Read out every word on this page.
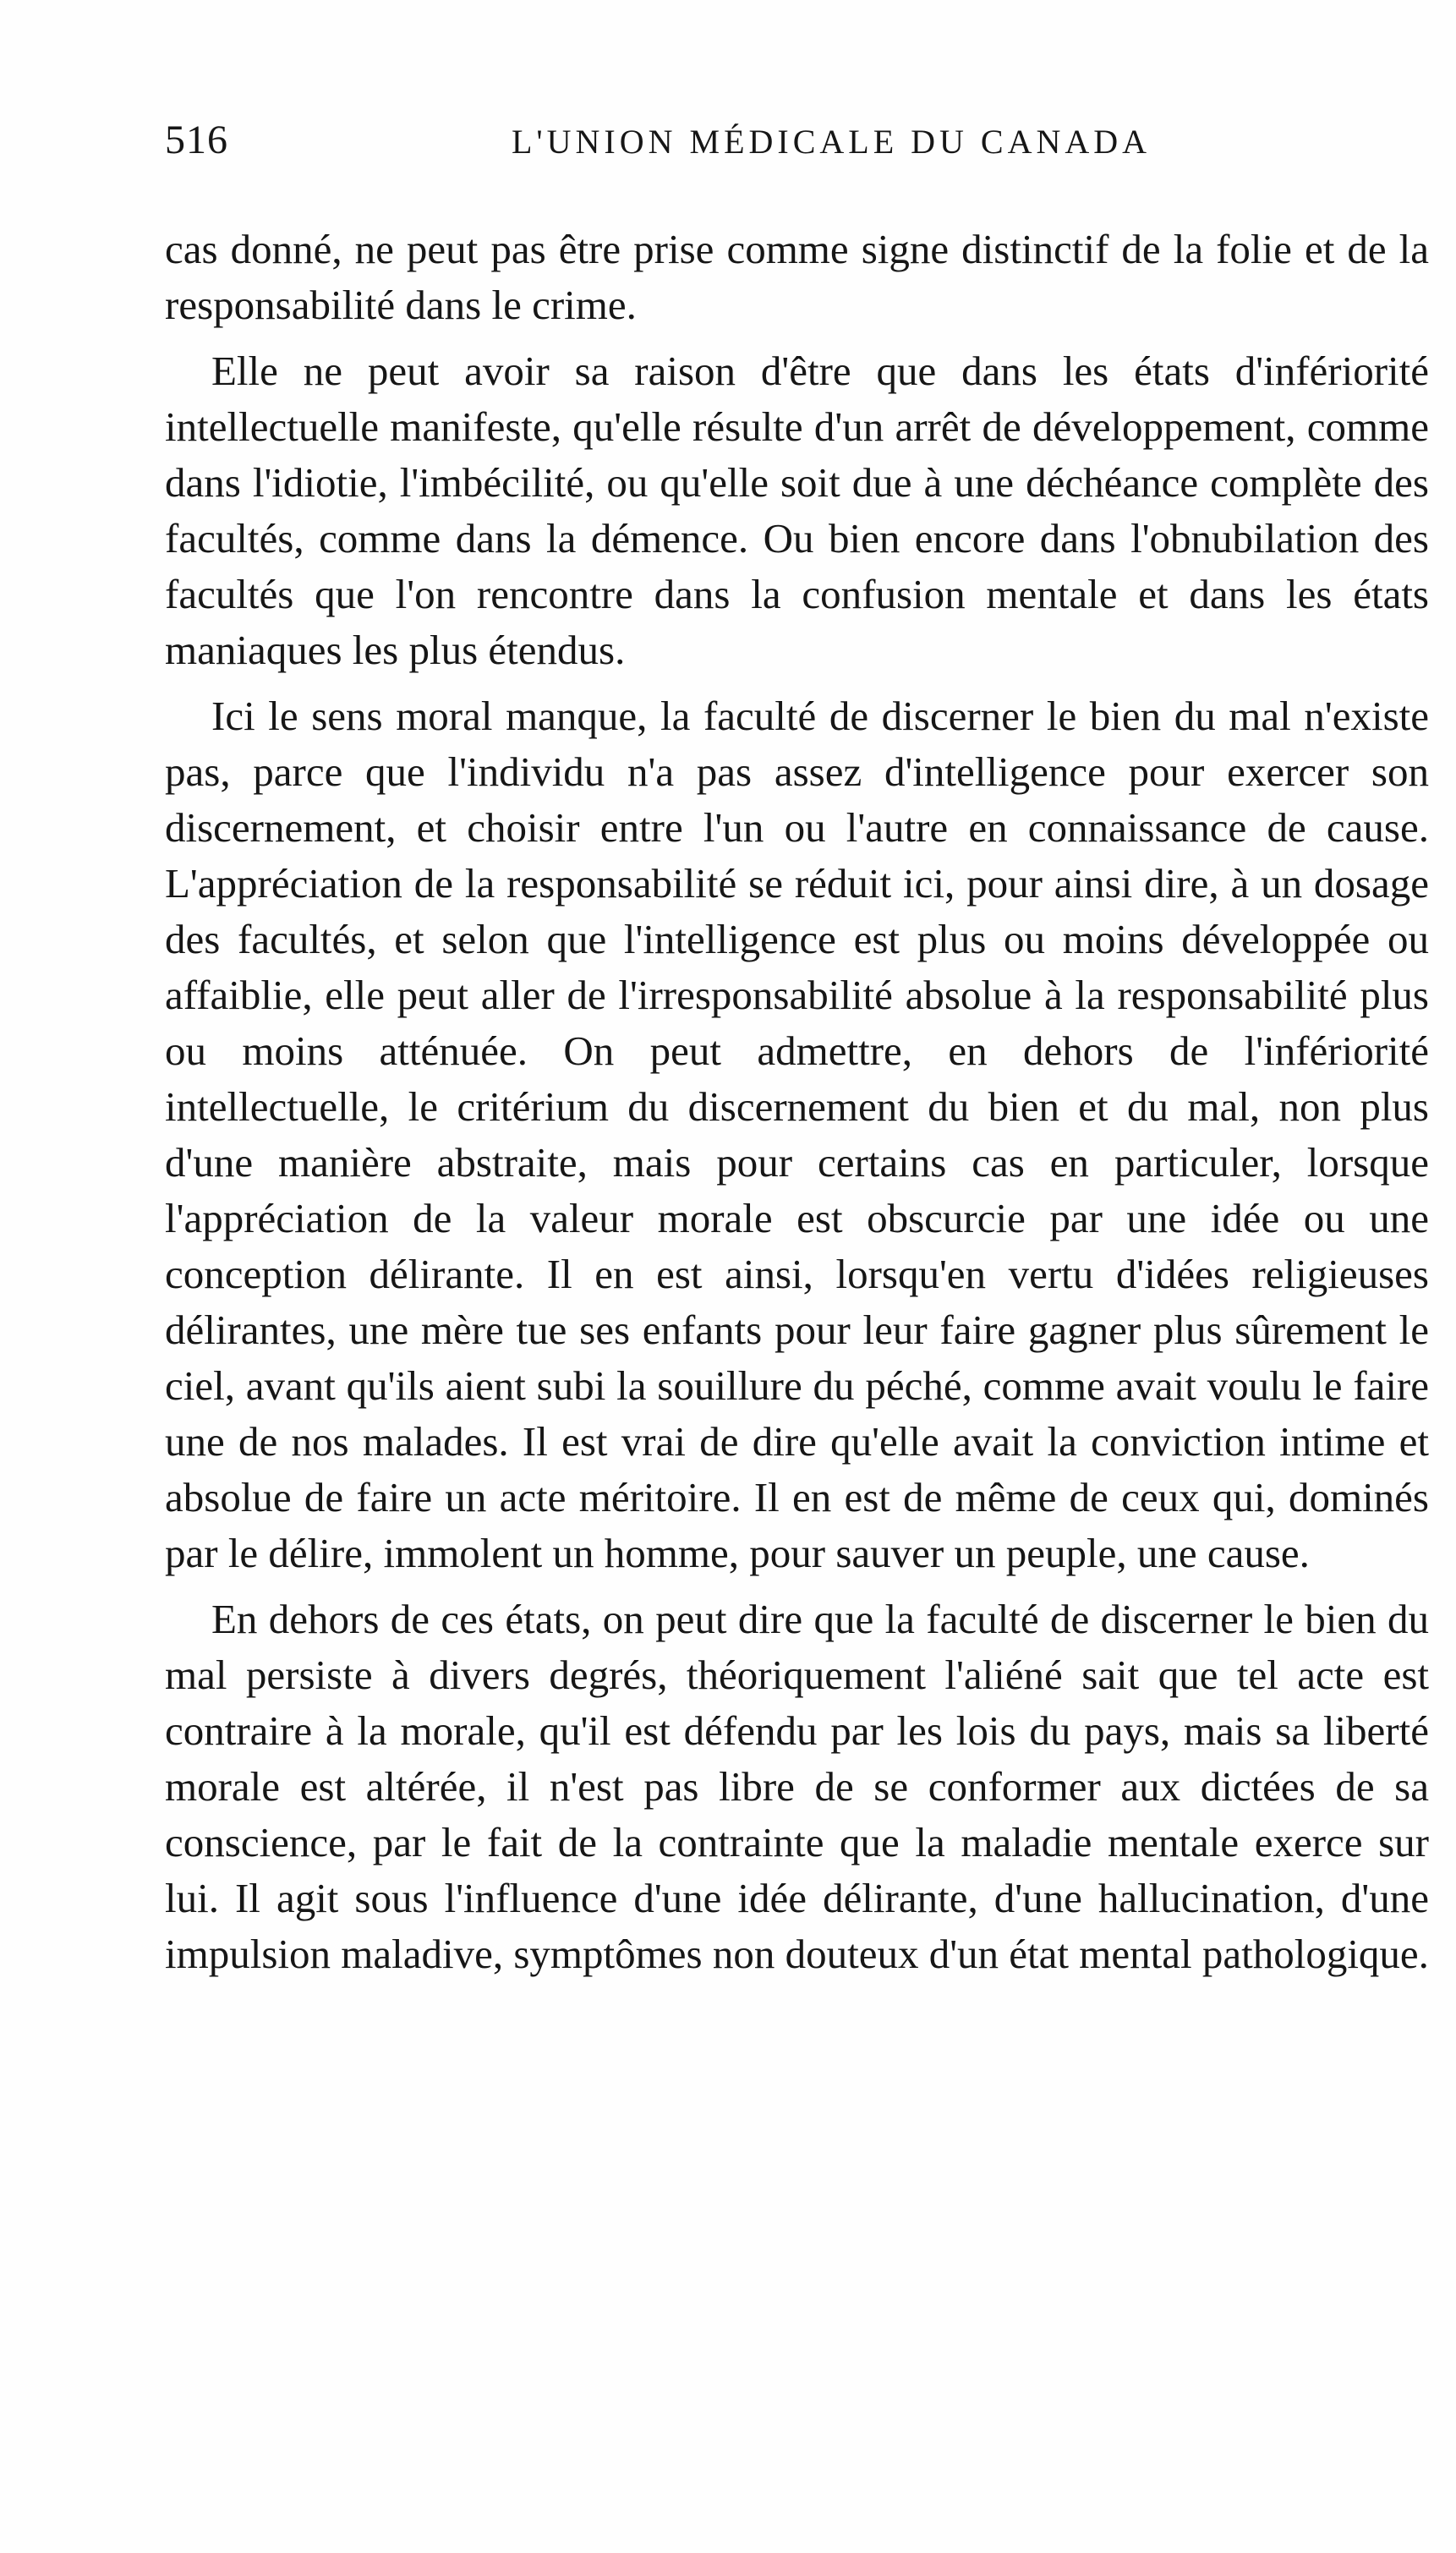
516	L'UNION MÉDICALE DU CANADA

cas donné, ne peut pas être prise comme signe distinctif de la folie et de la responsabilité dans le crime.

Elle ne peut avoir sa raison d'être que dans les états d'infériorité intellectuelle manifeste, qu'elle résulte d'un arrêt de développement, comme dans l'idiotie, l'imbécilité, ou qu'elle soit due à une déchéance complète des facultés, comme dans la démence. Ou bien encore dans l'obnubilation des facultés que l'on rencontre dans la confusion mentale et dans les états maniaques les plus étendus.

Ici le sens moral manque, la faculté de discerner le bien du mal n'existe pas, parce que l'individu n'a pas assez d'intelligence pour exercer son discernement, et choisir entre l'un ou l'autre en connaissance de cause. L'appréciation de la responsabilité se réduit ici, pour ainsi dire, à un dosage des facultés, et selon que l'intelligence est plus ou moins développée ou affaiblie, elle peut aller de l'irresponsabilité absolue à la responsabilité plus ou moins atténuée. On peut admettre, en dehors de l'infériorité intellectuelle, le critérium du discernement du bien et du mal, non plus d'une manière abstraite, mais pour certains cas en particuler, lorsque l'appréciation de la valeur morale est obscurcie par une idée ou une conception délirante. Il en est ainsi, lorsqu'en vertu d'idées religieuses délirantes, une mère tue ses enfants pour leur faire gagner plus sûrement le ciel, avant qu'ils aient subi la souillure du péché, comme avait voulu le faire une de nos malades. Il est vrai de dire qu'elle avait la conviction intime et absolue de faire un acte méritoire. Il en est de même de ceux qui, dominés par le délire, immolent un homme, pour sauver un peuple, une cause.

En dehors de ces états, on peut dire que la faculté de discerner le bien du mal persiste à divers degrés, théoriquement l'aliéné sait que tel acte est contraire à la morale, qu'il est défendu par les lois du pays, mais sa liberté morale est altérée, il n'est pas libre de se conformer aux dictées de sa conscience, par le fait de la contrainte que la maladie mentale exerce sur lui. Il agit sous l'influence d'une idée délirante, d'une hallucination, d'une impulsion maladive, symptômes non douteux d'un état mental pathologique.
